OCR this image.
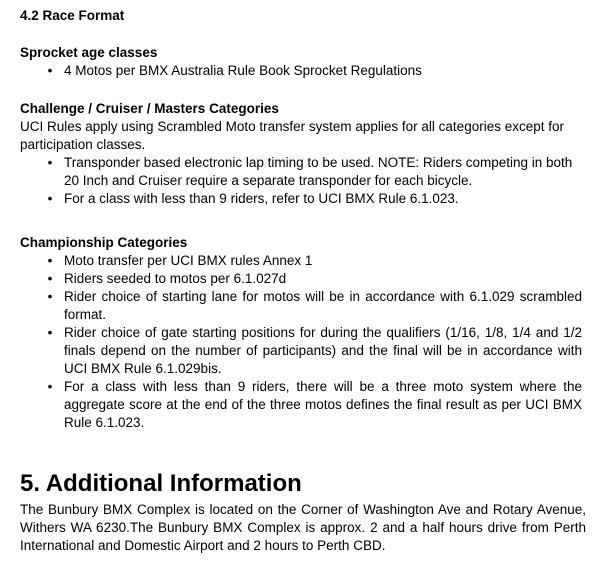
4.2 Race Format

Sprocket age classes

• 4 Motos per BMX Australia Rule Book Sprocket Regulations

Challenge / Cruiser / Masters Categories

UCI Rules apply using Scrambled Moto transfer system applies for all categories except for participation classes.

• Transponder based electronic lap timing to be used. NOTE: Riders competing in both 20 Inch and Cruiser require a separate transponder for each bicycle.
• For a class with less than 9 riders, refer to UCI BMX Rule 6.1.023.

Championship Categories

• Moto transfer per UCI BMX rules Annex 1
• Riders seeded to motos per 6.1.027d
• Rider choice of starting lane for motos will be in accordance with 6.1.029 scrambled format.
• Rider choice of gate starting positions for during the qualifiers (1/16, 1/8, 1/4 and 1/2 finals depend on the number of participants) and the final will be in accordance with UCI BMX Rule 6.1.029bis.
• For a class with less than 9 riders, there will be a three moto system where the aggregate score at the end of the three motos defines the final result as per UCI BMX Rule 6.1.023.
5. Additional Information

The Bunbury BMX Complex is located on the Corner of Washington Ave and Rotary Avenue, Withers WA 6230.The Bunbury BMX Complex is approx. 2 and a half hours drive from Perth International and Domestic Airport and 2 hours to Perth CBD.
